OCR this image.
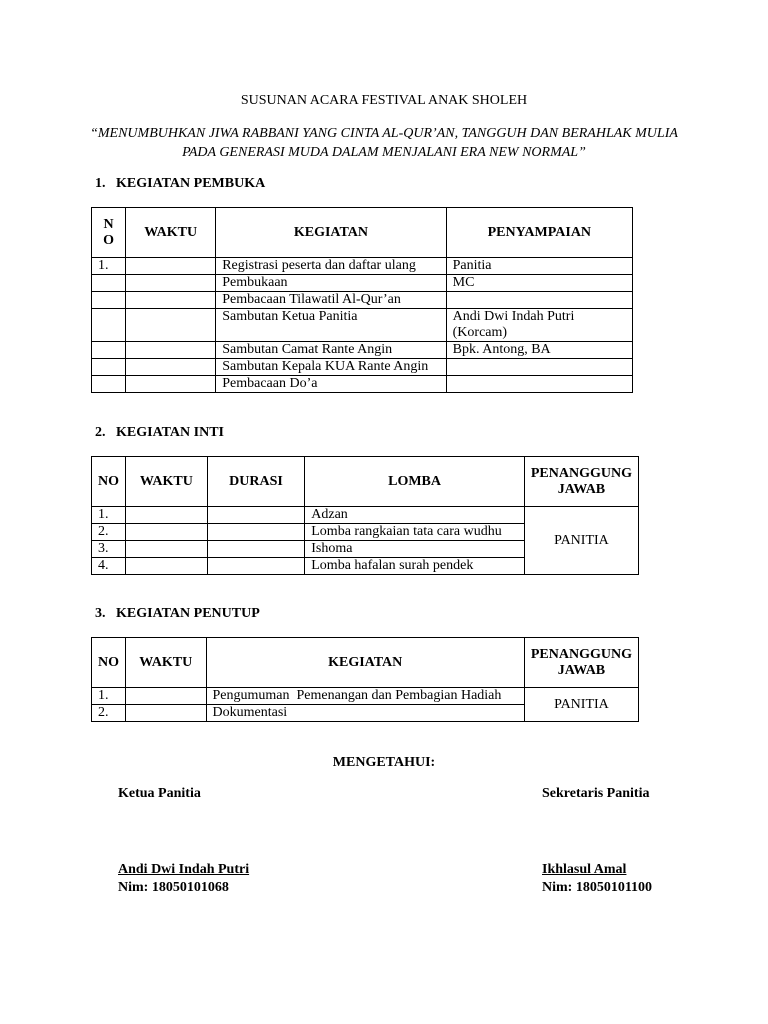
SUSUNAN ACARA FESTIVAL ANAK SHOLEH
“MENUMBUHKAN JIWA RABBANI YANG CINTA AL-QUR’AN, TANGGUH DAN BERAHLAK MULIA
PADA GENERASI MUDA DALAM MENJALANI ERA NEW NORMAL”
1.   KEGIATAN PEMBUKA
N
O	WAKTU	KEGIATAN	PENYAMPAIAN
1.		Registrasi peserta dan daftar ulang	Panitia
		Pembukaan	MC
		Pembacaan Tilawatil Al-Qur’an	
		Sambutan Ketua Panitia	Andi Dwi Indah Putri
(Korcam)
		Sambutan Camat Rante Angin	Bpk. Antong, BA
		Sambutan Kepala KUA Rante Angin	
		Pembacaan Do’a	
2.   KEGIATAN INTI
NO	WAKTU	DURASI	LOMBA	PENANGGUNG
JAWAB
1.			Adzan	PANITIA
2.			Lomba rangkaian tata cara wudhu	
3.			Ishoma	
4.			Lomba hafalan surah pendek	
3.   KEGIATAN PENUTUP
NO	WAKTU	KEGIATAN	PENANGGUNG
JAWAB
1.		Pengumuman  Pemenangan dan Pembagian Hadiah	PANITIA
2.		Dokumentasi	
MENGETAHUI:
Ketua Panitia
Andi Dwi Indah Putri
Nim: 18050101068
Sekretaris Panitia
Ikhlasul Amal
Nim: 18050101100
